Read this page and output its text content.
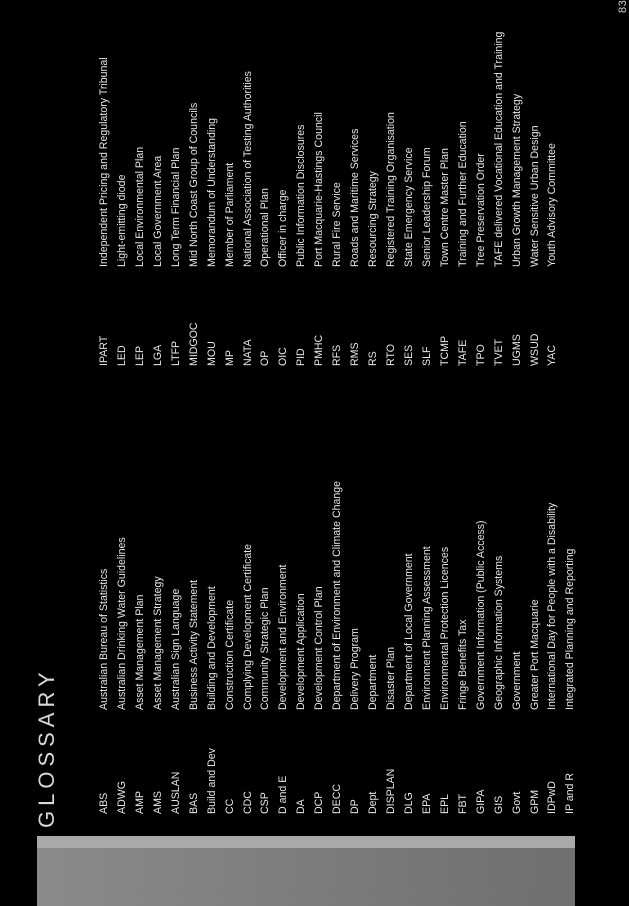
GLOSSARY	ABS
Australian Bureau of Statistics
ADWG
Australian Drinking Water Guidelines
AMP
Asset Management Plan
AMS
Asset Management Strategy
AUSLAN
Australian Sign Language
BAS
Business Activity Statement
Build and Dev
Building and Development
CC
Construction Certificate
CDC
Complying Development Certificate
CSP
Community Strategic Plan
D and E
Development and Environment
DA
Development Application
DCP
Development Control Plan
DECC
Department of Environment and Climate Change
DP
Delivery Program
Dept
Department
DISPLAN
Disaster Plan
DLG
Department of Local Government
EPA
Environment Planning Assessment
EPL
Environmental Protection Licences
FBT
Fringe Benefits Tax
GIPA
Government Information (Public Access)
GIS
Geographic Information Systems
Govt
Government
GPM
Greater Port Macquarie
IDPwD
International Day for People with a Disability
IP and R
Integrated Planning and Reporting
IPART
Independent Pricing and Regulatory Tribunal
LED
Light-emitting diode
LEP
Local Environmental Plan
LGA
Local Government Area
LTFP
Long Term Financial Plan
MIDGOC
Mid North Coast Group of Councils
MOU
Memorandum of Understanding
MP
Member of Parliament
NATA
National Association of Testing Authorities
OP
Operational Plan
OIC
Officer in charge
PID
Public Information Disclosures
PMHC
Port Macquarie-Hastings Council
RFS
Rural Fire Service
RMS
Roads and Maritime Services
RS
Resourcing Strategy
RTO
Registered Training Organisation
SES
State Emergency Service
SLF
Senior Leadership Forum
TCMP
Town Centre Master Plan
TAFE
Training and Further Education
TPO
Tree Preservation Order
TVET
TAFE delivered Vocational Education and Training
UGMS
Urban Growth Management Strategy
WSUD
Water Sensitive Urban Design
YAC
Youth Advisory Committee
83
